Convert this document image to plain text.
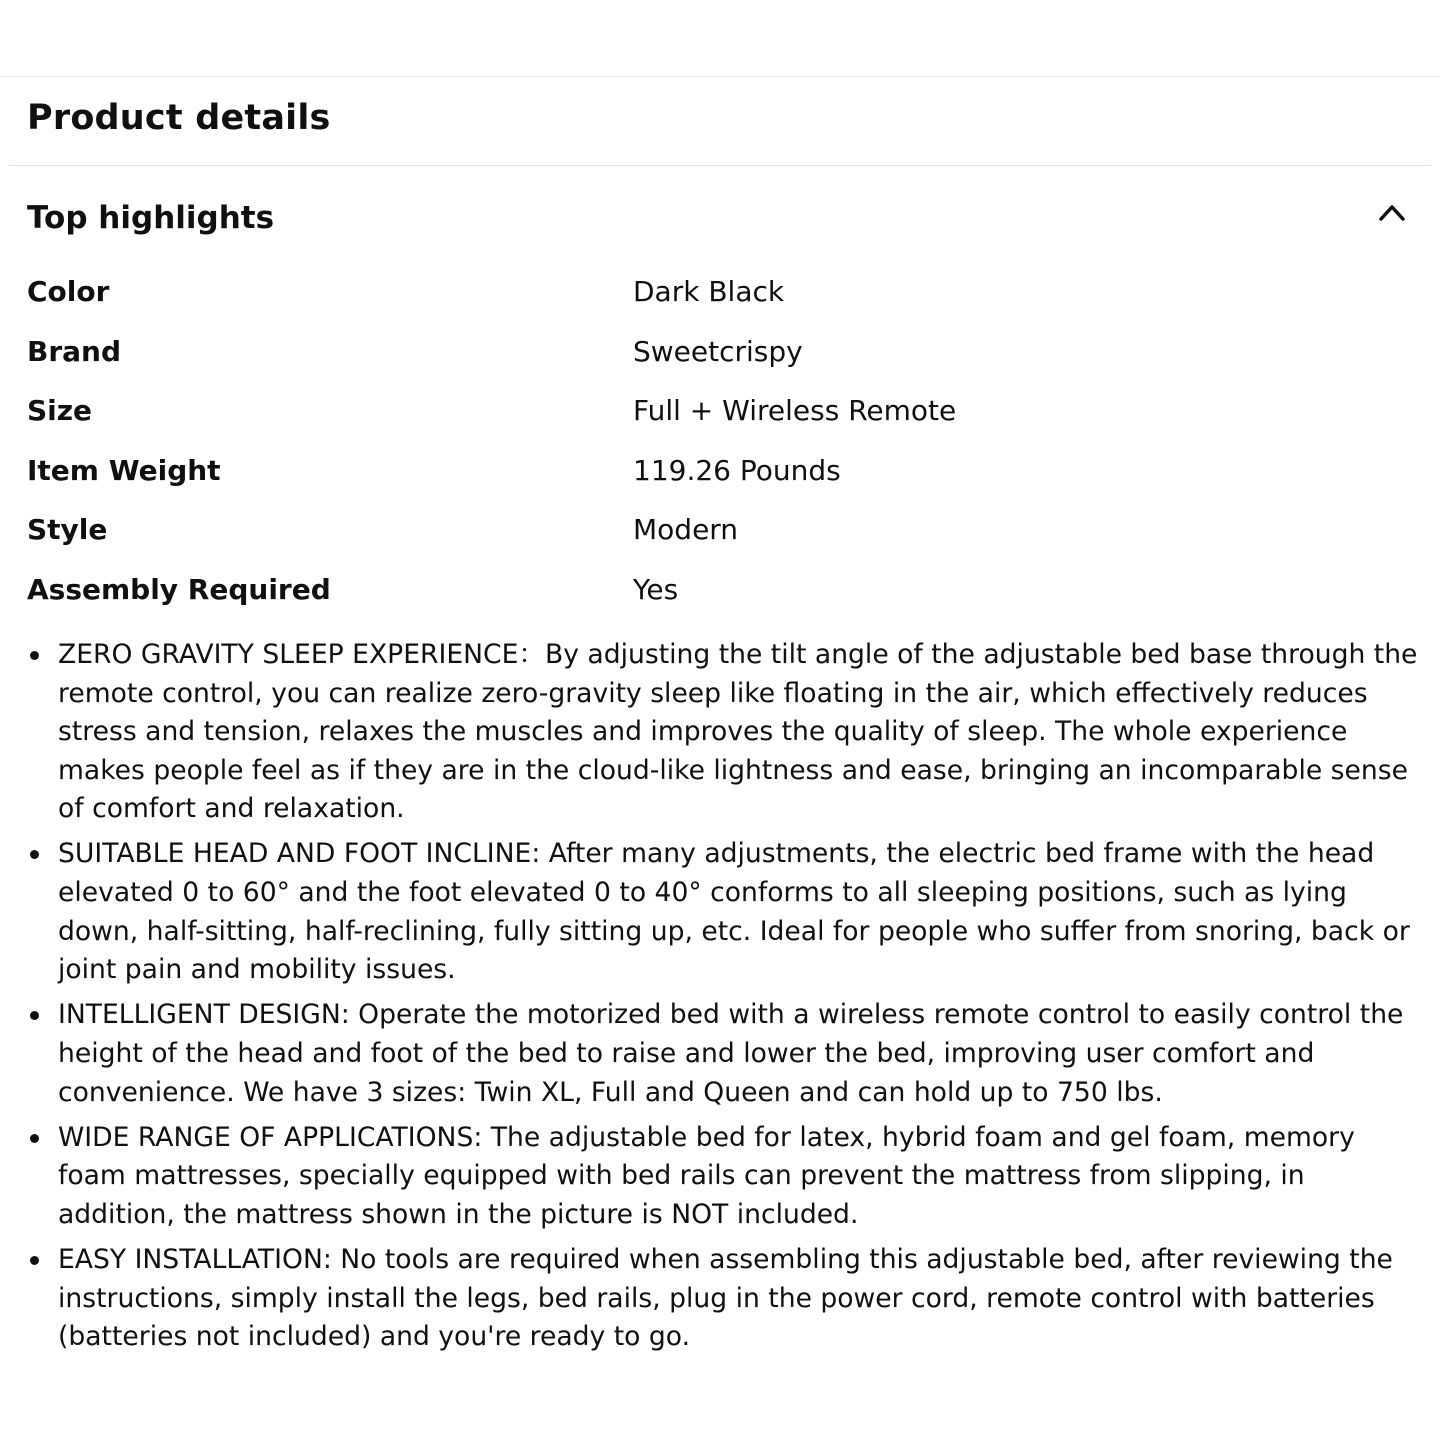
Product details
Top highlights
Color	Dark Black
Brand	Sweetcrispy
Size	Full + Wireless Remote
Item Weight	119.26 Pounds
Style	Modern
Assembly Required	Yes
ZERO GRAVITY SLEEP EXPERIENCE：By adjusting the tilt angle of the adjustable bed base through the remote control, you can realize zero-gravity sleep like floating in the air, which effectively reduces stress and tension, relaxes the muscles and improves the quality of sleep. The whole experience makes people feel as if they are in the cloud-like lightness and ease, bringing an incomparable sense of comfort and relaxation.
SUITABLE HEAD AND FOOT INCLINE: After many adjustments, the electric bed frame with the head elevated 0 to 60° and the foot elevated 0 to 40° conforms to all sleeping positions, such as lying down, half-sitting, half-reclining, fully sitting up, etc. Ideal for people who suffer from snoring, back or joint pain and mobility issues.
INTELLIGENT DESIGN: Operate the motorized bed with a wireless remote control to easily control the height of the head and foot of the bed to raise and lower the bed, improving user comfort and convenience. We have 3 sizes: Twin XL, Full and Queen and can hold up to 750 lbs.
WIDE RANGE OF APPLICATIONS: The adjustable bed for latex, hybrid foam and gel foam, memory foam mattresses, specially equipped with bed rails can prevent the mattress from slipping, in addition, the mattress shown in the picture is NOT included.
EASY INSTALLATION: No tools are required when assembling this adjustable bed, after reviewing the instructions, simply install the legs, bed rails, plug in the power cord, remote control with batteries (batteries not included) and you're ready to go.
